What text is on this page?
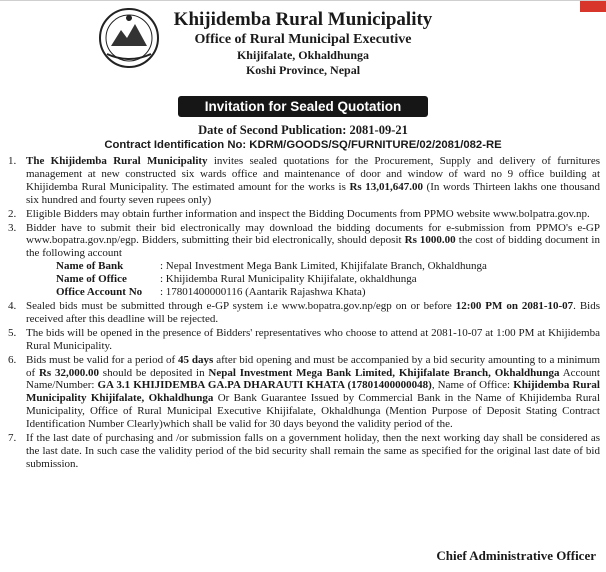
Khijidemba Rural Municipality
Office of Rural Municipal Executive
Khijifalate, Okhaldhunga
Koshi Province, Nepal
Invitation for Sealed Quotation
Date of Second Publication: 2081-09-21
Contract Identification No: KDRM/GOODS/SQ/FURNITURE/02/2081/082-RE
1. The Khijidemba Rural Municipality invites sealed quotations for the Procurement, Supply and delivery of furnitures management at new constructed six wards office and maintenance of door and window of ward no 9 office building at Khijidemba Rural Municipality. The estimated amount for the works is Rs 13,01,647.00 (In words Thirteen lakhs one thousand six hundred and fourty seven rupees only)
2. Eligible Bidders may obtain further information and inspect the Bidding Documents from PPMO website www.bolpatra.gov.np.
3. Bidder have to submit their bid electronically may download the bidding documents for e-submission from PPMO's e-GP www.bopatra.gov.np/egp. Bidders, submitting their bid electronically, should deposit Rs 1000.00 the cost of bidding document in the following account
Name of Bank	: Nepal Investment Mega Bank Limited, Khijifalate Branch, Okhaldhunga
Name of Office	: Khijidemba Rural Municipality Khijifalate, okhaldhunga
Office Account No : 17801400000116 (Aantarik Rajashwa Khata)
4. Sealed bids must be submitted through e-GP system i.e www.bopatra.gov.np/egp on or before 12:00 PM on 2081-10-07. Bids received after this deadline will be rejected.
5. The bids will be opened in the presence of Bidders' representatives who choose to attend at 2081-10-07 at 1:00 PM at Khijidemba Rural Municipality.
6. Bids must be valid for a period of 45 days after bid opening and must be accompanied by a bid security amounting to a minimum of Rs 32,000.00 should be deposited in Nepal Investment Mega Bank Limited, Khijifalate Branch, Okhaldhunga Account Name/Number: GA 3.1 KHIJIDEMBA GA.PA DHARAUTI KHATA (17801400000048), Name of Office: Khijidemba Rural Municipality Khijifalate, Okhaldhunga Or Bank Guarantee Issued by Commercial Bank in the Name of Khijidemba Rural Municipality, Office of Rural Municipal Executive Khijifalate, Okhaldhunga (Mention Purpose of Deposit Stating Contract Identification Number Clearly)which shall be valid for 30 days beyond the validity period of the.
7. If the last date of purchasing and /or submission falls on a government holiday, then the next working day shall be considered as the last date. In such case the validity period of the bid security shall remain the same as specified for the original last date of bid submission.
Chief Administrative Officer
